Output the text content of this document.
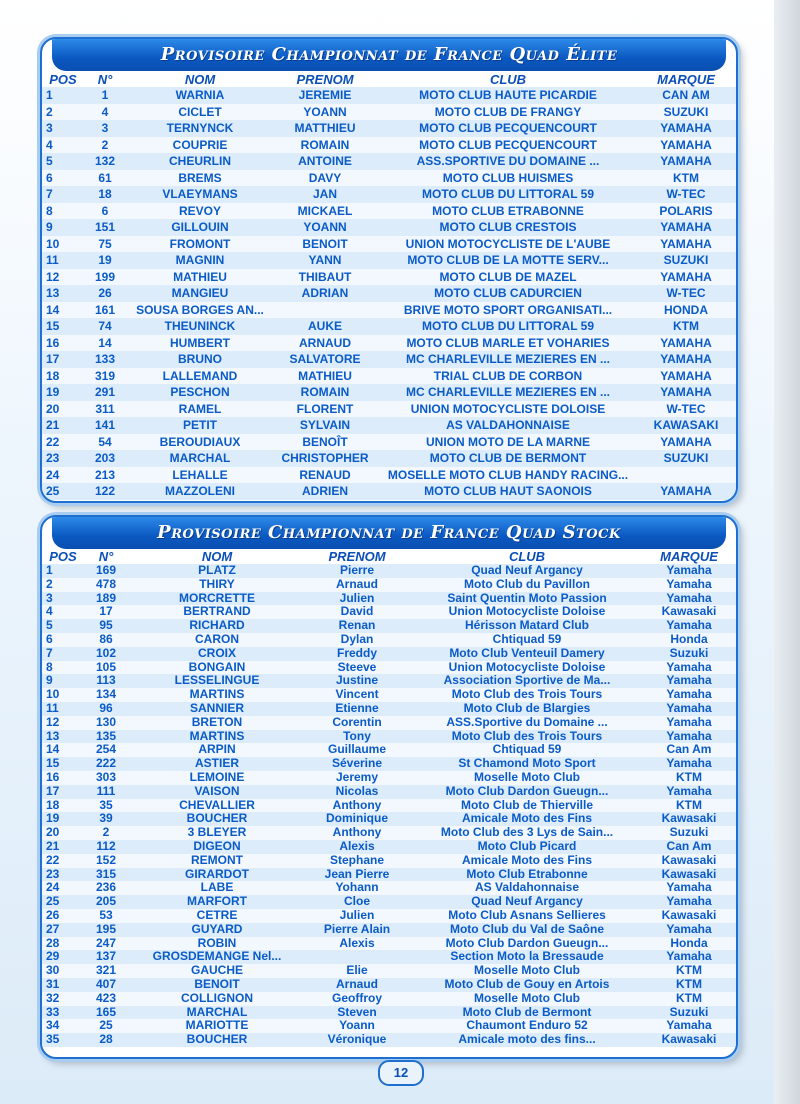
Provisoire Championnat de France Quad Élite
POS	N°	NOM	PRENOM	CLUB	MARQUE
1	1	WARNIA	JEREMIE	MOTO CLUB HAUTE PICARDIE	CAN AM
2	4	CICLET	YOANN	MOTO CLUB DE FRANGY	SUZUKI
3	3	TERNYNCK	MATTHIEU	MOTO CLUB PECQUENCOURT	YAMAHA
4	2	COUPRIE	ROMAIN	MOTO CLUB PECQUENCOURT	YAMAHA
5	132	CHEURLIN	ANTOINE	ASS.SPORTIVE DU DOMAINE ...	YAMAHA
6	61	BREMS	DAVY	MOTO CLUB HUISMES	KTM
7	18	VLAEYMANS	JAN	MOTO CLUB DU LITTORAL 59	W-TEC
8	6	REVOY	MICKAEL	MOTO CLUB ETRABONNE	POLARIS
9	151	GILLOUIN	YOANN	MOTO CLUB CRESTOIS	YAMAHA
10	75	FROMONT	BENOIT	UNION MOTOCYCLISTE DE L'AUBE	YAMAHA
11	19	MAGNIN	YANN	MOTO CLUB DE LA MOTTE SERV...	SUZUKI
12	199	MATHIEU	THIBAUT	MOTO CLUB DE MAZEL	YAMAHA
13	26	MANGIEU	ADRIAN	MOTO CLUB CADURCIEN	W-TEC
14	161	SOUSA BORGES AN...		BRIVE MOTO SPORT ORGANISATI...	HONDA
15	74	THEUNINCK	AUKE	MOTO CLUB DU LITTORAL 59	KTM
16	14	HUMBERT	ARNAUD	MOTO CLUB MARLE ET VOHARIES	YAMAHA
17	133	BRUNO	SALVATORE	MC CHARLEVILLE MEZIERES EN ...	YAMAHA
18	319	LALLEMAND	MATHIEU	TRIAL CLUB DE CORBON	YAMAHA
19	291	PESCHON	ROMAIN	MC CHARLEVILLE MEZIERES EN ...	YAMAHA
20	311	RAMEL	FLORENT	UNION MOTOCYCLISTE DOLOISE	W-TEC
21	141	PETIT	SYLVAIN	AS VALDAHONNAISE	KAWASAKI
22	54	BEROUDIAUX	BENOÎT	UNION MOTO DE LA MARNE	YAMAHA
23	203	MARCHAL	CHRISTOPHER	MOTO CLUB DE BERMONT	SUZUKI
24	213	LEHALLE	RENAUD	MOSELLE MOTO CLUB HANDY RACING...	
25	122	MAZZOLENI	ADRIEN	MOTO CLUB HAUT SAONOIS	YAMAHA
Provisoire Championnat de France Quad Stock
POS	N°	NOM	PRENOM	CLUB	MARQUE
1	169	PLATZ	Pierre	Quad Neuf Argancy	Yamaha
2	478	THIRY	Arnaud	Moto Club du Pavillon	Yamaha
3	189	MORCRETTE	Julien	Saint Quentin Moto Passion	Yamaha
4	17	BERTRAND	David	Union Motocycliste Doloise	Kawasaki
5	95	RICHARD	Renan	Hérisson Matard Club	Yamaha
6	86	CARON	Dylan	Chtiquad 59	Honda
7	102	CROIX	Freddy	Moto Club Venteuil Damery	Suzuki
8	105	BONGAIN	Steeve	Union Motocycliste Doloise	Yamaha
9	113	LESSELINGUE	Justine	Association Sportive de Ma...	Yamaha
10	134	MARTINS	Vincent	Moto Club des Trois Tours	Yamaha
11	96	SANNIER	Etienne	Moto Club de Blargies	Yamaha
12	130	BRETON	Corentin	ASS.Sportive du Domaine ...	Yamaha
13	135	MARTINS	Tony	Moto Club des Trois Tours	Yamaha
14	254	ARPIN	Guillaume	Chtiquad 59	Can Am
15	222	ASTIER	Séverine	St Chamond Moto Sport	Yamaha
16	303	LEMOINE	Jeremy	Moselle Moto Club	KTM
17	111	VAISON	Nicolas	Moto Club Dardon Gueugn...	Yamaha
18	35	CHEVALLIER	Anthony	Moto Club de Thierville	KTM
19	39	BOUCHER	Dominique	Amicale Moto des Fins	Kawasaki
20	2	3 BLEYER	Anthony	Moto Club des 3 Lys de Sain...	Suzuki
21	112	DIGEON	Alexis	Moto Club Picard	Can Am
22	152	REMONT	Stephane	Amicale Moto des Fins	Kawasaki
23	315	GIRARDOT	Jean Pierre	Moto Club Etrabonne	Kawasaki
24	236	LABE	Yohann	AS Valdahonnaise	Yamaha
25	205	MARFORT	Cloe	Quad Neuf Argancy	Yamaha
26	53	CETRE	Julien	Moto Club Asnans Sellieres	Kawasaki
27	195	GUYARD	Pierre Alain	Moto Club du Val de Saône	Yamaha
28	247	ROBIN	Alexis	Moto Club Dardon Gueugn...	Honda
29	137	GROSDEMANGE Nel...		Section Moto la Bressaude	Yamaha
30	321	GAUCHE	Elie	Moselle Moto Club	KTM
31	407	BENOIT	Arnaud	Moto Club de Gouy en Artois	KTM
32	423	COLLIGNON	Geoffroy	Moselle Moto Club	KTM
33	165	MARCHAL	Steven	Moto Club de Bermont	Suzuki
34	25	MARIOTTE	Yoann	Chaumont Enduro 52	Yamaha
35	28	BOUCHER	Véronique	Amicale moto des fins...	Kawasaki
12
